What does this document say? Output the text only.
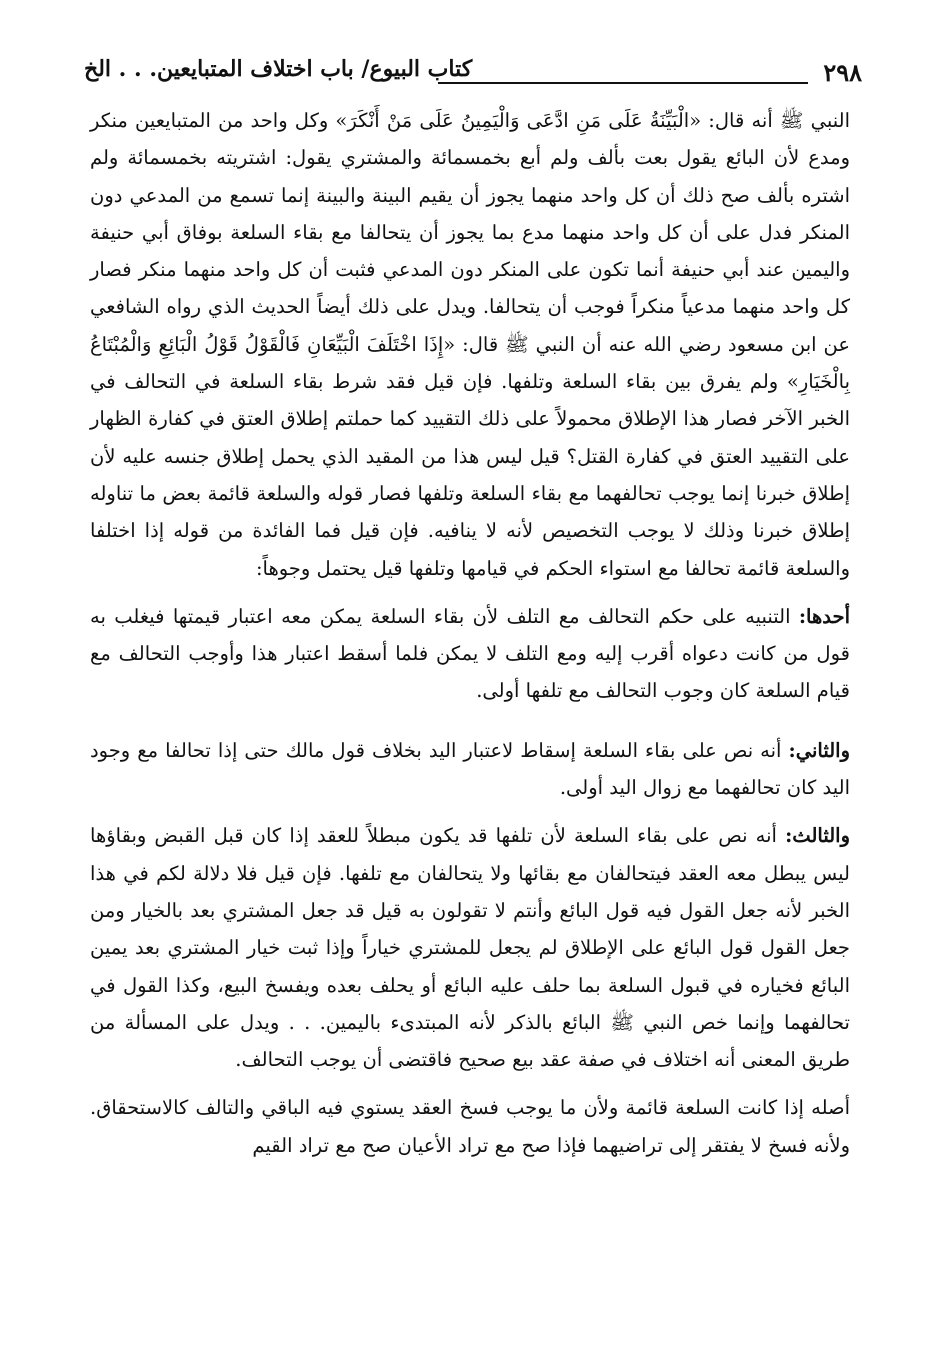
٢٩٨
كتاب البيوع/ باب اختلاف المتبايعين. . . الخ

النبي ﷺ أنه قال: «الْبَيِّنَةُ عَلَى مَنِ ادَّعَى وَالْيَمِينُ عَلَى مَنْ أَنْكَرَ» وكل واحد من المتبايعين منكر ومدع لأن البائع يقول بعت بألف ولم أبع بخمسمائة والمشتري يقول: اشتريته بخمسمائة ولم اشتره بألف صح ذلك أن كل واحد منهما يجوز أن يقيم البينة والبينة إنما تسمع من المدعي دون المنكر فدل على أن كل واحد منهما مدع بما يجوز أن يتحالفا مع بقاء السلعة بوفاق أبي حنيفة واليمين عند أبي حنيفة أنما تكون على المنكر دون المدعي فثبت أن كل واحد منهما منكر فصار كل واحد منهما مدعياً منكراً فوجب أن يتحالفا. ويدل على ذلك أيضاً الحديث الذي رواه الشافعي عن ابن مسعود رضي الله عنه أن النبي ﷺ قال: «إِذَا اخْتَلَفَ الْبَيِّعَانِ فَالْقَوْلُ قَوْلُ الْبَائِعِ وَالْمُبْتَاعُ بِالْخَيَارِ» ولم يفرق بين بقاء السلعة وتلفها. فإن قيل فقد شرط بقاء السلعة في التحالف في الخبر الآخر فصار هذا الإطلاق محمولاً على ذلك التقييد كما حملتم إطلاق العتق في كفارة الظهار على التقييد العتق في كفارة القتل؟ قيل ليس هذا من المقيد الذي يحمل إطلاق جنسه عليه لأن إطلاق خبرنا إنما يوجب تحالفهما مع بقاء السلعة وتلفها فصار قوله والسلعة قائمة بعض ما تناوله إطلاق خبرنا وذلك لا يوجب التخصيص لأنه لا ينافيه. فإن قيل فما الفائدة من قوله إذا اختلفا والسلعة قائمة تحالفا مع استواء الحكم في قيامها وتلفها قيل يحتمل وجوهاً:

أحدها: التنبيه على حكم التحالف مع التلف لأن بقاء السلعة يمكن معه اعتبار قيمتها فيغلب به قول من كانت دعواه أقرب إليه ومع التلف لا يمكن فلما أسقط اعتبار هذا وأوجب التحالف مع قيام السلعة كان وجوب التحالف مع تلفها أولى.

والثاني: أنه نص على بقاء السلعة إسقاط لاعتبار اليد بخلاف قول مالك حتى إذا تحالفا مع وجود اليد كان تحالفهما مع زوال اليد أولى.

والثالث: أنه نص على بقاء السلعة لأن تلفها قد يكون مبطلاً للعقد إذا كان قبل القبض وبقاؤها ليس يبطل معه العقد فيتحالفان مع بقائها ولا يتحالفان مع تلفها. فإن قيل فلا دلالة لكم في هذا الخبر لأنه جعل القول فيه قول البائع وأنتم لا تقولون به قيل قد جعل المشتري بعد بالخيار ومن جعل القول قول البائع على الإطلاق لم يجعل للمشتري خياراً وإذا ثبت خيار المشتري بعد يمين البائع فخياره في قبول السلعة بما حلف عليه البائع أو يحلف بعده ويفسخ البيع، وكذا القول في تحالفهما وإنما خص النبي ﷺ البائع بالذكر لأنه المبتدىء باليمين. . . ويدل على المسألة من طريق المعنى أنه اختلاف في صفة عقد بيع صحيح فاقتضى أن يوجب التحالف.

أصله إذا كانت السلعة قائمة ولأن ما يوجب فسخ العقد يستوي فيه الباقي والتالف كالاستحقاق. ولأنه فسخ لا يفتقر إلى تراضيهما فإذا صح مع تراد الأعيان صح مع تراد القيم
